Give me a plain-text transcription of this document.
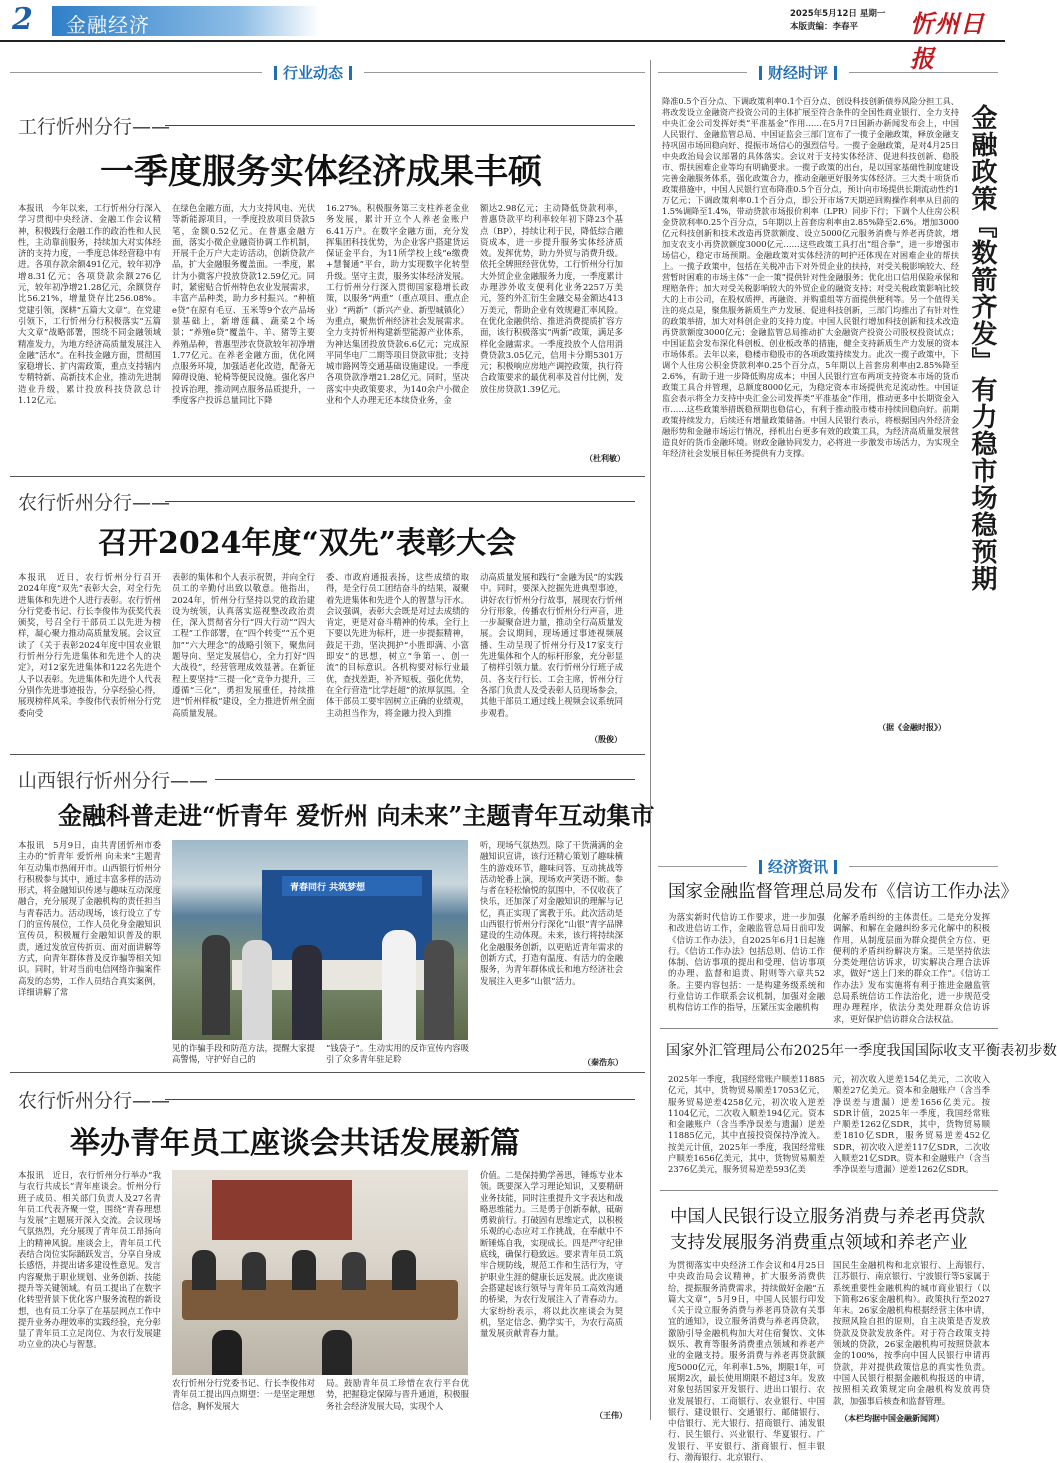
2 金融经济	2025年5月12日 星期一
本版责编：李春平 忻州日报
行业动态	财经时评
工行忻州分行——
一季度服务实体经济成果丰硕
本报讯　今年以来，工行忻州分行深入学习贯彻中央经济、金融工作会议精神，积极践行金融工作的政治性和人民性，主动靠前服务，持续加大对实体经济的支持力度，一季度总体经营稳中有进。各项存款余额491亿元，较年初净增8.31亿元；各项贷款余额276亿元，较年初净增21.28亿元，余额贷存比56.21%，增量贷存比256.08%。党建引领，深耕“五篇大文章”。在党建引领下，工行忻州分行积极落实“五篇大文章”战略部署，围绕不同金融领域精准发力，为地方经济高质量发展注入金融“活水”。在科技金融方面，贯彻国家稳增长、扩内需政策，重点支持辖内专精特新、高新技术企业，推动先进制造业升级，累计投放科技贷款总计1.12亿元。
在绿色金融方面，大力支持风电、光伏等新能源项目，一季度投放项目贷款5笔，金额0.52亿元。在普惠金融方面，落实小微企业融资协调工作机制，开展千企万户大走访活动，创新贷款产品，扩大金融服务覆盖面。一季度，累计为小微客户投放贷款12.59亿元。同时，紧密贴合忻州特色农业发展需求，丰富产品种类，助力乡村振兴。“种植e贷”在原有毛豆、玉米等9个农产品场景基础上，新增莲藕、蔬菜2个场景；“养殖e贷”覆盖牛、羊、猪等主要养殖品种，普惠型涉农贷款较年初净增1.77亿元。在养老金融方面，优化网点服务环境，加强适老化改造，配备无障碍设施、轮椅等便民设施。强化客户投诉治理，推动网点服务品质提升，一季度客户投诉总量同比下降
16.27%。积极服务第三支柱养老金业务发展，累计开立个人养老金账户6.41万户。在数字金融方面，充分发挥集团科技优势，为企业客户搭建货运保证金平台，为11所学校上线“e缴费+慧餐通”平台，助力实现数字化转型升级。坚守主责，服务实体经济发展。工行忻州分行深入贯彻国家稳增长政策，以服务“两重”（重点项目、重点企业）“两新”（新兴产业、新型城镇化）为重点，聚焦忻州经济社会发展需求。全力支持忻州构建新型能源产业体系，为神达集团投放贷款6.6亿元；完成原平同华电厂二期等项目贷款审批；支持城市路网等交通基础设施建设。一季度各项贷款净增21.28亿元。同时，坚决落实中央政策要求，为140余户小微企业和个人办理无还本续贷业务，金
额达2.98亿元；主动降低贷款利率，普惠贷款平均利率较年初下降23个基点（BP），持续让利于民，降低综合融资成本，进一步提升服务实体经济质效。发挥优势，助力外贸与消费升级。依托全牌照经营优势，工行忻州分行加大外贸企业金融服务力度，一季度累计办理涉外收支便利化业务2257万美元，签约外汇衍生金融交易金额达413万美元，帮助企业有效规避汇率风险。在优化金融供给、推进消费提质扩容方面，该行积极落实“两新”政策，满足多样化金融需求。一季度投放个人信用消费贷款3.05亿元，信用卡分期5301万元；积极响应房地产调控政策，执行符合政策要求的最优利率及首付比例，发放住房贷款1.39亿元。
（杜利敏）
农行忻州分行——
召开2024年度“双先”表彰大会
本报讯　近日，农行忻州分行召开2024年度“双先”表彰大会，对全行先进集体和先进个人进行表彰。农行忻州分行党委书记、行长李俊伟为获奖代表颁奖，号召全行干部员工以先进为榜样，凝心聚力推动高质量发展。会议宣读了《关于表彰2024年度中国农业银行忻州分行先进集体和先进个人的决定》，对12家先进集体和122名先进个人予以表彰。先进集体和先进个人代表分别作先进事迹报告，分享经验心得，展现榜样风采。李俊伟代表忻州分行党委向受
表彰的集体和个人表示祝贺，并向全行员工的辛勤付出致以敬意。他指出，2024年，忻州分行坚持以党的政治建设为统领，认真落实巡视整改政治责任，深入贯彻省分行“四大行动”“四大工程”工作部署，在“四个转变”“五个更加”“六大理念”的战略引领下，聚焦问题导向、坚定发展信心，全力打好“四大战役”，经营管理成效显著。在新征程上要坚持“三提一化”竞争力提升，三遵循“三化”，勇担发展重任，持续推进“忻州样板”建设，全力推进忻州全面高质量发展。
委、市政府通报表扬，这些成绩的取得，是全行员工团结奋斗的结果，凝聚着先进集体和先进个人的智慧与汗水。会议强调，表彰大会既是对过去成绩的肯定，更是对奋斗精神的传承。全行上下要以先进为标杆，进一步提振精神，鼓足干劲，坚决拥护“小胜即满、小富即安”的思想，树立“争第一、创一流”的目标意识。各机构要对标行业最优，查找差距，补齐短板，强化优势，在全行营造“比学赶超”的浓厚氛围。全体干部员工要牢固树立正确的业绩观，主动担当作为，将金融力投入到推
动高质量发展和践行“金融为民”的实践中。同时，要深入挖掘先进典型事迹，讲好农行忻州分行故事，展现农行忻州分行形象，传播农行忻州分行声音，进一步凝聚奋进力量，推动全行高质量发展。会议期间，现场通过事迹视频展播、生动呈现了忻州分行及17家支行先进集体和个人的标杆形象，充分彰显了榜样引领力量。农行忻州分行班子成员、各支行行长、工会主席，忻州分行各部门负责人及受表彰人员现场参会，其他干部员工通过线上视频会议系统同步观看。
（殷俊）
山西银行忻州分行——
金融科普走进“忻青年 爱忻州 向未来”主题青年互动集市
本报讯　5月9日，由共青团忻州市委主办的“忻青年 爱忻州 向未来”主题青年互动集市热闹开市。山西银行忻州分行积极参与其中，通过丰富多样的活动形式，将金融知识传递与趣味互动深度融合，充分展现了金融机构的责任担当与青春活力。活动现场，该行设立了专门的宣传展位，工作人员化身金融知识宣传员，积极履行金融知识普及的职责，通过发放宣传折页、面对面讲解等方式，向青年群体普及反诈骗等相关知识。同时，针对当前电信网络诈骗案件高发的态势，工作人员结合真实案例，详细讲解了常
青春同行 共筑梦想
见的诈骗手段和防范方法，提醒大家提高警惕，守护好自己的
“钱袋子”。生动实用的反诈宣传内容吸引了众多青年驻足聆
听，现场气氛热烈。除了干货满满的金融知识宣讲，该行还精心策划了趣味横生的游戏环节，趣味问答、互动挑战等活动轮番上演，现场欢声笑语不断。参与者在轻松愉悦的氛围中，不仅收获了快乐，还加深了对金融知识的理解与记忆，真正实现了寓教于乐。此次活动是山西银行忻州分行深化“山银”青字品牌建设的生动体现。未来，该行将持续深化金融服务创新，以更贴近青年需求的创新方式，打造有温度、有活力的金融服务，为青年群体成长和地方经济社会发展注入更多“山银”活力。
（秦浩东）
农行忻州分行——
举办青年员工座谈会共话发展新篇
本报讯　近日，农行忻州分行举办“我与农行共成长”青年座谈会。忻州分行班子成员、相关部门负责人及27名青年员工代表齐聚一堂，围绕“青春理想与发展”主题展开深入交流。会议现场气氛热烈，充分展现了青年员工昂扬向上的精神风貌。座谈会上，青年员工代表结合岗位实际踊跃发言，分享自身成长感悟，并提出诸多建设性意见。发言内容聚焦于职业规划、业务创新、技能提升等关键领域。有员工提出了在数字化转型背景下优化客户服务流程的新设想，也有员工分享了在基层网点工作中提升业务办理效率的实践经验，充分彰显了青年员工立足岗位、为农行发展建功立业的决心与智慧。
农行忻州分行党委书记、行长李俊伟对青年员工提出四点期望：一是坚定理想信念，胸怀发展大
局。鼓励青年员工珍惜在农行平台优势，把握稳定保障与晋升通道，积极服务社会经济发展大局，实现个人
价值。二是保持勤学善思，锤炼专业本领。既要深入学习理论知识，又要精研业务技能，同时注重提升文字表达和战略思维能力。三是勇于创新奉献，砥砺勇毅前行。打破固有思维定式，以积极乐观的心态应对工作挑战，在奉献中不断锤炼自我，实现成长。四是严守纪律底线，确保行稳致远。要求青年员工筑牢合规防线，规范工作和生活行为，守护职业生涯的健康长远发展。此次座谈会搭建起该行领导与青年员工高效沟通的桥梁，为农行发展注入了青春动力。大家纷纷表示，将以此次座谈会为契机，坚定信念、勤学实干，为农行高质量发展贡献青春力量。
（王伟）
降准0.5个百分点、下调政策利率0.1个百分点、创设科技创新债券风险分担工具、将改发设立金融资产投资公司的主体扩展至符合条件的全国性商业银行、全力支持中央汇金公司发挥好类“平准基金”作用……在5月7日国新办新闻发布会上，中国人民银行、金融监管总局、中国证监会三部门宣布了一揽子金融政策，释放金融支持巩固市场回稳向好、提振市场信心的强烈信号。一揽子金融政策，是对4月25日中央政治局会议部署的具体落实。会议对于支持实体经济、促进科技创新、稳股市、帮扶困难企业等均有明确要求。一揽子政策的出台，是以国家基础性制度建设完善金融服务体系，强化政策合力，推动金融更好服务实体经济。三大类十项货币政策措施中，中国人民银行宣布降准0.5个百分点，预计向市场提供长期流动性约1万亿元；下调政策利率0.1个百分点，即公开市场7天期逆回购操作利率从目前的1.5%调降至1.4%，带动贷款市场报价利率（LPR）同步下行；下调个人住房公积金贷款利率0.25个百分点，5年期以上首套房利率由2.85%降至2.6%。增加3000亿元科技创新和技术改造再贷款额度、设立5000亿元服务消费与养老再贷款，增加支农支小再贷款额度3000亿元……这些政策工具打出“组合拳”，进一步增强市场信心，稳定市场预期。金融政策对实体经济的呵护还体现在对困难企业的帮扶上。一揽子政策中，包括在关税冲击下对外贸企业的扶持，对受关税影响较大、经营暂时困难的市场主体“一企一策”提供针对性金融服务；优化出口信用保险承保和理赔条件；加大对受关税影响较大的外贸企业的融资支持；对受关税政策影响比较大的上市公司，在股权质押、再融资、并购重组等方面提供便利等。另一个值得关注的亮点是，聚焦服务新质生产力发展、促进科技创新，三部门均推出了有针对性的政策举措，加大对科创企业的支持力度。中国人民银行增加科技创新和技术改造再贷款额度3000亿元；金融监管总局推动扩大金融资产投资公司股权投资试点；中国证监会发布深化科创板、创业板改革的措施，健全支持新质生产力发展的资本市场体系。去年以来，稳楼市稳股市的各项政策持续发力。此次一揽子政策中，下调个人住房公积金贷款利率0.25个百分点，5年期以上首套房利率由2.85%降至2.6%，有助于进一步降低购房成本；中国人民银行宣布两项支持资本市场的货币政策工具合并管理，总额度8000亿元，为稳定资本市场提供充足流动性。中国证监会表示将全力支持中央汇金公司发挥类“平准基金”作用，推动更多中长期资金入市……这些政策举措既稳预期也稳信心，有利于推动股市楼市持续回稳向好。前期政策持续发力，后续还有增量政策储备。中国人民银行表示，将根据国内外经济金融形势和金融市场运行情况，择机出台更多有效的政策工具，为经济高质量发展营造良好的货币金融环境。财政金融协同发力，必将进一步激发市场活力，为实现全年经济社会发展目标任务提供有力支撑。
金融政策『数箭齐发』
有力稳市场稳预期
（据《金融时报》）
经济资讯
国家金融监督管理总局发布《信访工作办法》
为落实新时代信访工作要求，进一步加强和改进信访工作，金融监管总局日前印发《信访工作办法》，自2025年6月1日起施行。《信访工作办法》包括总则、信访工作体制、信访事项的提出和受理、信访事项的办理、监督和追责、附则等六章共52条。主要内容包括：一是构建务级系统和行业信访工作联系会议机制，加强对金融机构信访工作的指导，压紧压实金融机构
化解矛盾纠纷的主体责任。二是充分发挥调解、和解在金融纠纷多元化解中的积极作用，从制度层面为群众提供全方位、更便利的矛盾纠纷解决方案。三是坚持依法分类处理信访诉求，切实解决合理合法诉求，做好“送上门来的群众工作”。《信访工作办法》发布实施将有利于推进金融监管总局系统信访工作法治化，进一步规范受理办理程序，依法分类处理群众信访诉求，更好保护信访群众合法权益。
国家外汇管理局公布2025年一季度我国国际收支平衡表初步数
2025年一季度，我国经常账户顺差11885亿元，其中，货物贸易顺差17053亿元，服务贸易逆差4258亿元，初次收入逆差1104亿元，二次收入顺差194亿元。资本和金融账户（含当季净误差与遗漏）逆差11885亿元，其中直接投资保持净流入。按美元计值，2025年一季度，我国经常账户顺差1656亿美元，其中，货物贸易顺差2376亿美元，服务贸易逆差593亿美
元，初次收入逆差154亿美元，二次收入顺差27亿美元。资本和金融账户（含当季净误差与遗漏）逆差1656亿美元。按SDR计值，2025年一季度，我国经常账户顺差1262亿SDR，其中，货物贸易顺差1810亿SDR，服务贸易逆差452亿SDR，初次收入逆差117亿SDR，二次收入顺差21亿SDR。资本和金融账户（含当季净误差与遗漏）逆差1262亿SDR。
中国人民银行设立服务消费与养老再贷款
支持发展服务消费重点领域和养老产业
为贯彻落实中央经济工作会议和4月25日中央政治局会议精神，扩大服务消费供给，提振服务消费需求，持续做好金融“五篇大文章”，5月9日，中国人民银行印发《关于设立服务消费与养老再贷款有关事宜的通知》，设立服务消费与养老再贷款，激励引导金融机构加大对住宿餐饮、文体娱乐、教育等服务消费重点领域和养老产业的金融支持。服务消费与养老再贷款额度5000亿元，年利率1.5%，期限1年，可展期2次，最长使用期限不超过3年。发放对象包括国家开发银行、进出口银行、农业发展银行、工商银行、农业银行、中国银行、建设银行、交通银行、邮储银行、中信银行、光大银行、招商银行、浦发银行、民生银行、兴业银行、华夏银行、广发银行、平安银行、浙商银行、恒丰银行、渤海银行、北京银行、
国民生金融机构和北京银行、上海银行、江苏银行、南京银行、宁波银行等5家属于系统重要性金融机构的城市商业银行（以下简称26家金融机构）。政策执行至2027年末。26家金融机构根据经营主体申请，按照风险自担的原则，自主决策是否发放贷款及贷款发放条件。对于符合政策支持领域的贷款，26家金融机构可按照贷款本金的100%，按季向中国人民银行申请再贷款，并对提供政策信息的真实性负责。中国人民银行根据金融机构报送的申请，按照相关政策规定向金融机构发放再贷款，加强事后核查和监督管理。
（本栏均据中国金融新闻网）
